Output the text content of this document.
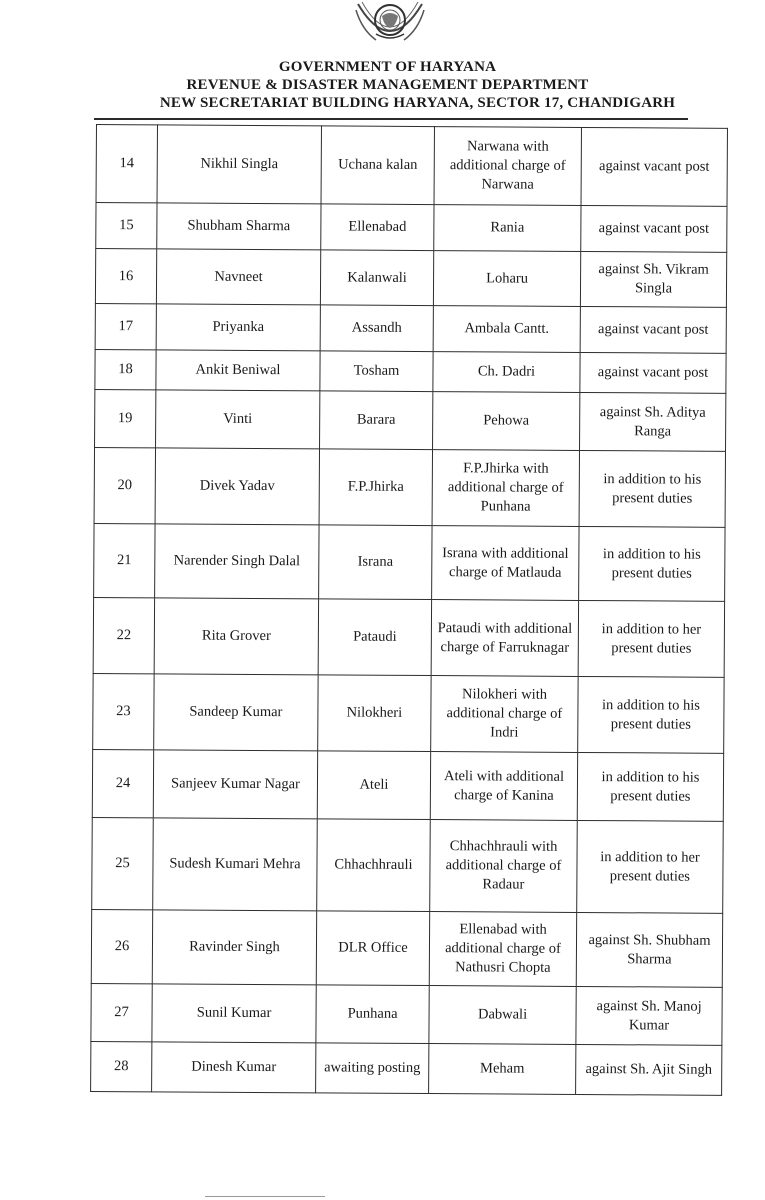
GOVERNMENT OF HARYANA
REVENUE & DISASTER MANAGEMENT DEPARTMENT
NEW SECRETARIAT BUILDING HARYANA, SECTOR 17, CHANDIGARH
14	Nikhil Singla	Uchana kalan	Narwana with additional charge of Narwana	against vacant post
15	Shubham Sharma	Ellenabad	Rania	against vacant post
16	Navneet	Kalanwali	Loharu	against Sh. Vikram Singla
17	Priyanka	Assandh	Ambala Cantt.	against vacant post
18	Ankit Beniwal	Tosham	Ch. Dadri	against vacant post
19	Vinti	Barara	Pehowa	against Sh. Aditya Ranga
20	Divek Yadav	F.P.Jhirka	F.P.Jhirka with additional charge of Punhana	in addition to his present duties
21	Narender Singh Dalal	Israna	Israna with additional charge of Matlauda	in addition to his present duties
22	Rita Grover	Pataudi	Pataudi with additional charge of Farruknagar	in addition to her present duties
23	Sandeep Kumar	Nilokheri	Nilokheri with additional charge of Indri	in addition to his present duties
24	Sanjeev Kumar Nagar	Ateli	Ateli with additional charge of Kanina	in addition to his present duties
25	Sudesh Kumari Mehra	Chhachhrauli	Chhachhrauli with additional charge of Radaur	in addition to her present duties
26	Ravinder Singh	DLR Office	Ellenabad with additional charge of Nathusri Chopta	against Sh. Shubham Sharma
27	Sunil Kumar	Punhana	Dabwali	against Sh. Manoj Kumar
28	Dinesh Kumar	awaiting posting	Meham	against Sh. Ajit Singh
